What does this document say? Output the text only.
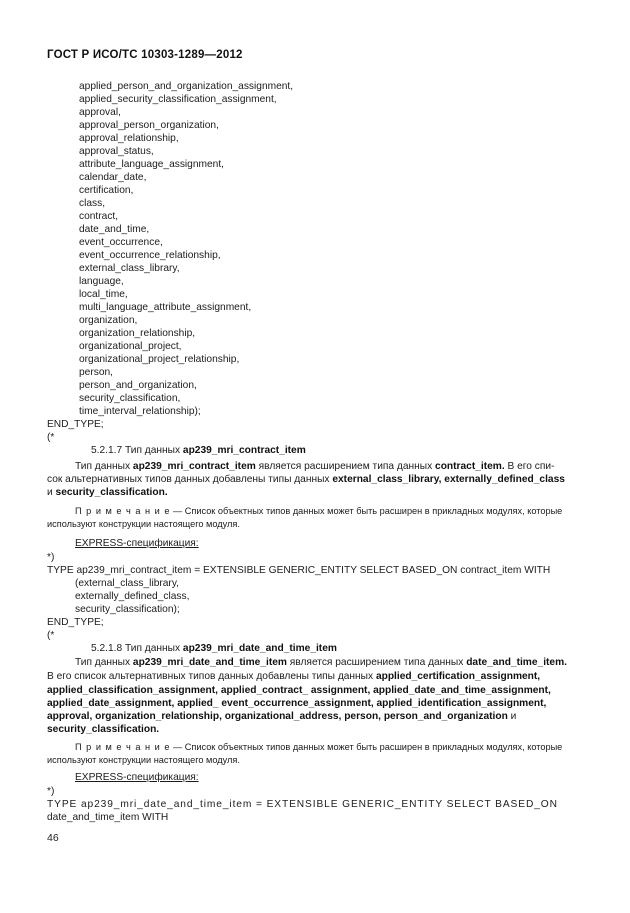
ГОСТ Р ИСО/ТС 10303-1289—2012
applied_person_and_organization_assignment,
applied_security_classification_assignment,
approval,
approval_person_organization,
approval_relationship,
approval_status,
attribute_language_assignment,
calendar_date,
certification,
class,
contract,
date_and_time,
event_occurrence,
event_occurrence_relationship,
external_class_library,
language,
local_time,
multi_language_attribute_assignment,
organization,
organization_relationship,
organizational_project,
organizational_project_relationship,
person,
person_and_organization,
security_classification,
time_interval_relationship);
END_TYPE;
(*
5.2.1.7 Тип данных ap239_mri_contract_item
Тип данных ap239_mri_contract_item является расширением типа данных contract_item. В его спи-
сок альтернативных типов данных добавлены типы данных external_class_library, externally_defined_class
и security_classification.
П р и м е ч а н и е — Список объектных типов данных может быть расширен в прикладных модулях, которые
используют конструкции настоящего модуля.
EXPRESS-спецификация:
*)
TYPE ap239_mri_contract_item = EXTENSIBLE GENERIC_ENTITY SELECT BASED_ON contract_item WITH
(external_class_library,
externally_defined_class,
security_classification);
END_TYPE;
(*
5.2.1.8 Тип данных ap239_mri_date_and_time_item
Тип данных ap239_mri_date_and_time_item является расширением типа данных date_and_time_item.
В его список альтернативных типов данных добавлены типы данных applied_certification_assignment,
applied_classification_assignment, applied_contract_ assignment, applied_date_and_time_assignment,
applied_date_assignment, applied_ event_occurrence_assignment, applied_identification_assignment,
approval, organization_relationship, organizational_address, person, person_and_organization и
security_classification.
П р и м е ч а н и е — Список объектных типов данных может быть расширен в прикладных модулях, которые
используют конструкции настоящего модуля.
EXPRESS-спецификация:
*)
TYPE ap239_mri_date_and_time_item = EXTENSIBLE GENERIC_ENTITY SELECT BASED_ON
date_and_time_item WITH
46
